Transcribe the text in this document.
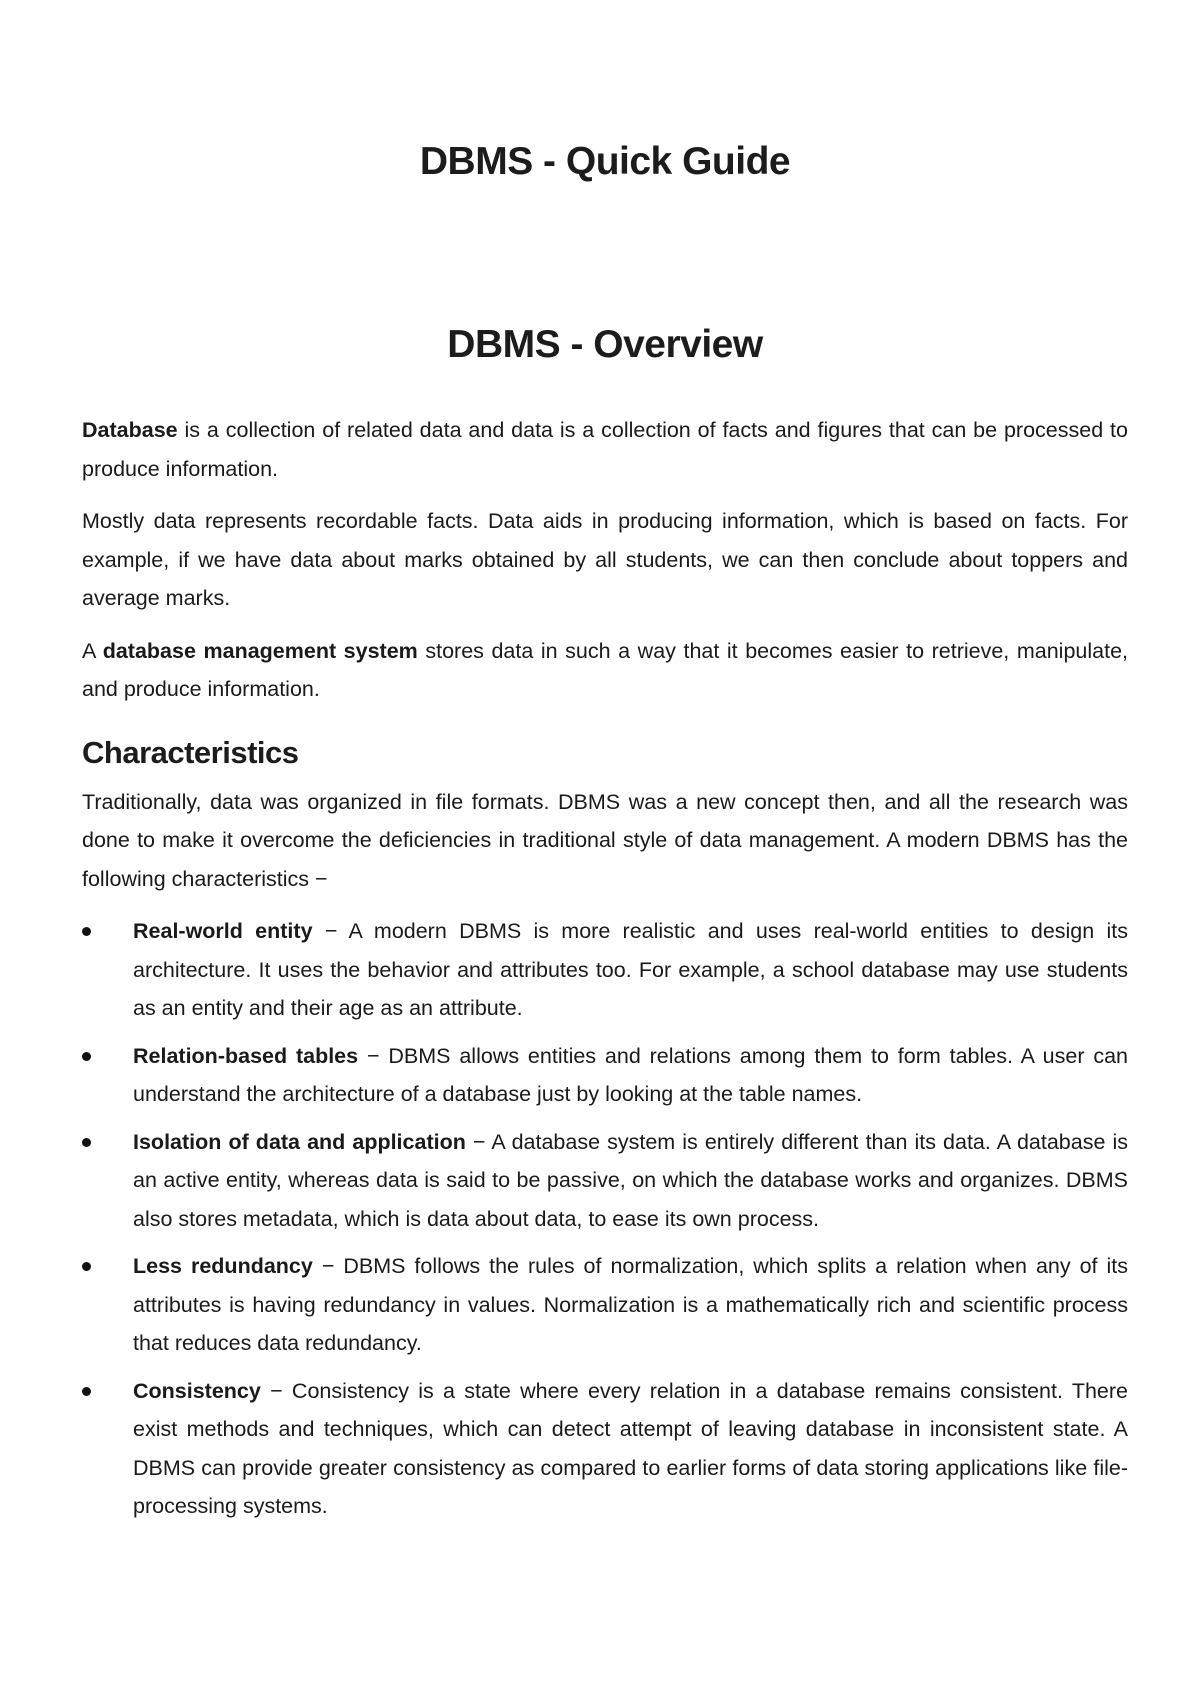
DBMS - Quick Guide
DBMS - Overview

Database is a collection of related data and data is a collection of facts and figures that can be processed to produce information.

Mostly data represents recordable facts. Data aids in producing information, which is based on facts. For example, if we have data about marks obtained by all students, we can then conclude about toppers and average marks.

A database management system stores data in such a way that it becomes easier to retrieve, manipulate, and produce information.

Characteristics

Traditionally, data was organized in file formats. DBMS was a new concept then, and all the research was done to make it overcome the deficiencies in traditional style of data management. A modern DBMS has the following characteristics −

Real-world entity − A modern DBMS is more realistic and uses real-world entities to design its architecture. It uses the behavior and attributes too. For example, a school database may use students as an entity and their age as an attribute.
Relation-based tables − DBMS allows entities and relations among them to form tables. A user can understand the architecture of a database just by looking at the table names.
Isolation of data and application − A database system is entirely different than its data. A database is an active entity, whereas data is said to be passive, on which the database works and organizes. DBMS also stores metadata, which is data about data, to ease its own process.
Less redundancy − DBMS follows the rules of normalization, which splits a relation when any of its attributes is having redundancy in values. Normalization is a mathematically rich and scientific process that reduces data redundancy.
Consistency − Consistency is a state where every relation in a database remains consistent. There exist methods and techniques, which can detect attempt of leaving database in inconsistent state. A DBMS can provide greater consistency as compared to earlier forms of data storing applications like file-processing systems.
